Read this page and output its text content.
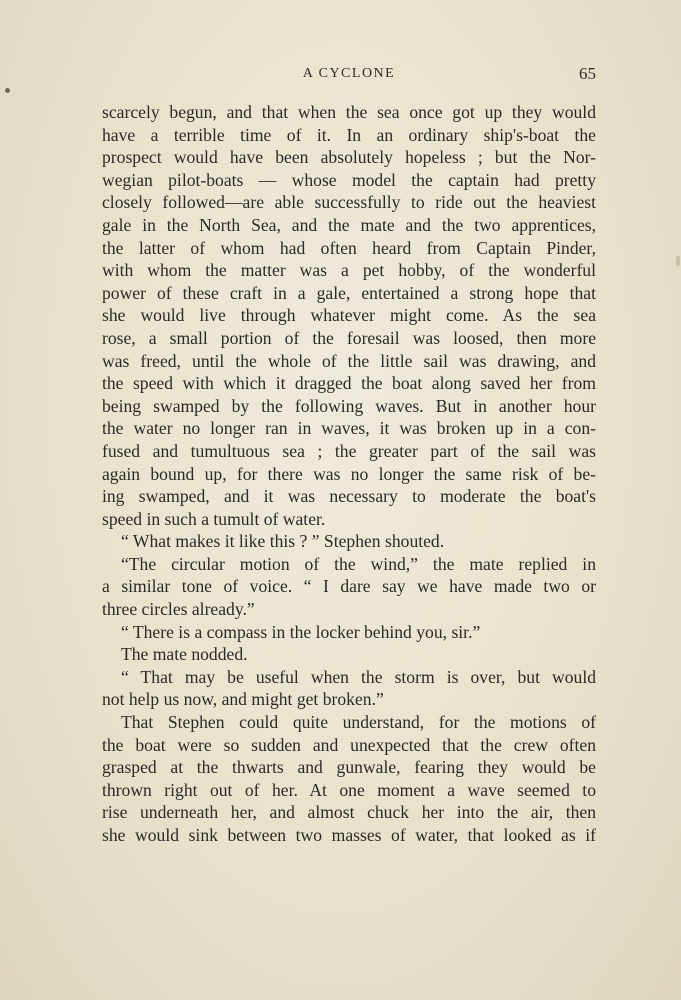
A CYCLONE	65
scarcely begun, and that when the sea once got up they would
have a terrible time of it. In an ordinary ship's-boat the
prospect would have been absolutely hopeless ; but the Nor-
wegian pilot-boats — whose model the captain had pretty
closely followed—are able successfully to ride out the heaviest
gale in the North Sea, and the mate and the two apprentices,
the latter of whom had often heard from Captain Pinder,
with whom the matter was a pet hobby, of the wonderful
power of these craft in a gale, entertained a strong hope that
she would live through whatever might come. As the sea
rose, a small portion of the foresail was loosed, then more
was freed, until the whole of the little sail was drawing, and
the speed with which it dragged the boat along saved her from
being swamped by the following waves. But in another hour
the water no longer ran in waves, it was broken up in a con-
fused and tumultuous sea ; the greater part of the sail was
again bound up, for there was no longer the same risk of be-
ing swamped, and it was necessary to moderate the boat's
speed in such a tumult of water.
“ What makes it like this ? ” Stephen shouted.
“The circular motion of the wind,” the mate replied in
a similar tone of voice. “ I dare say we have made two or
three circles already.”
“ There is a compass in the locker behind you, sir.”
The mate nodded.
“ That may be useful when the storm is over, but would
not help us now, and might get broken.”
That Stephen could quite understand, for the motions of
the boat were so sudden and unexpected that the crew often
grasped at the thwarts and gunwale, fearing they would be
thrown right out of her. At one moment a wave seemed to
rise underneath her, and almost chuck her into the air, then
she would sink between two masses of water, that looked as if
